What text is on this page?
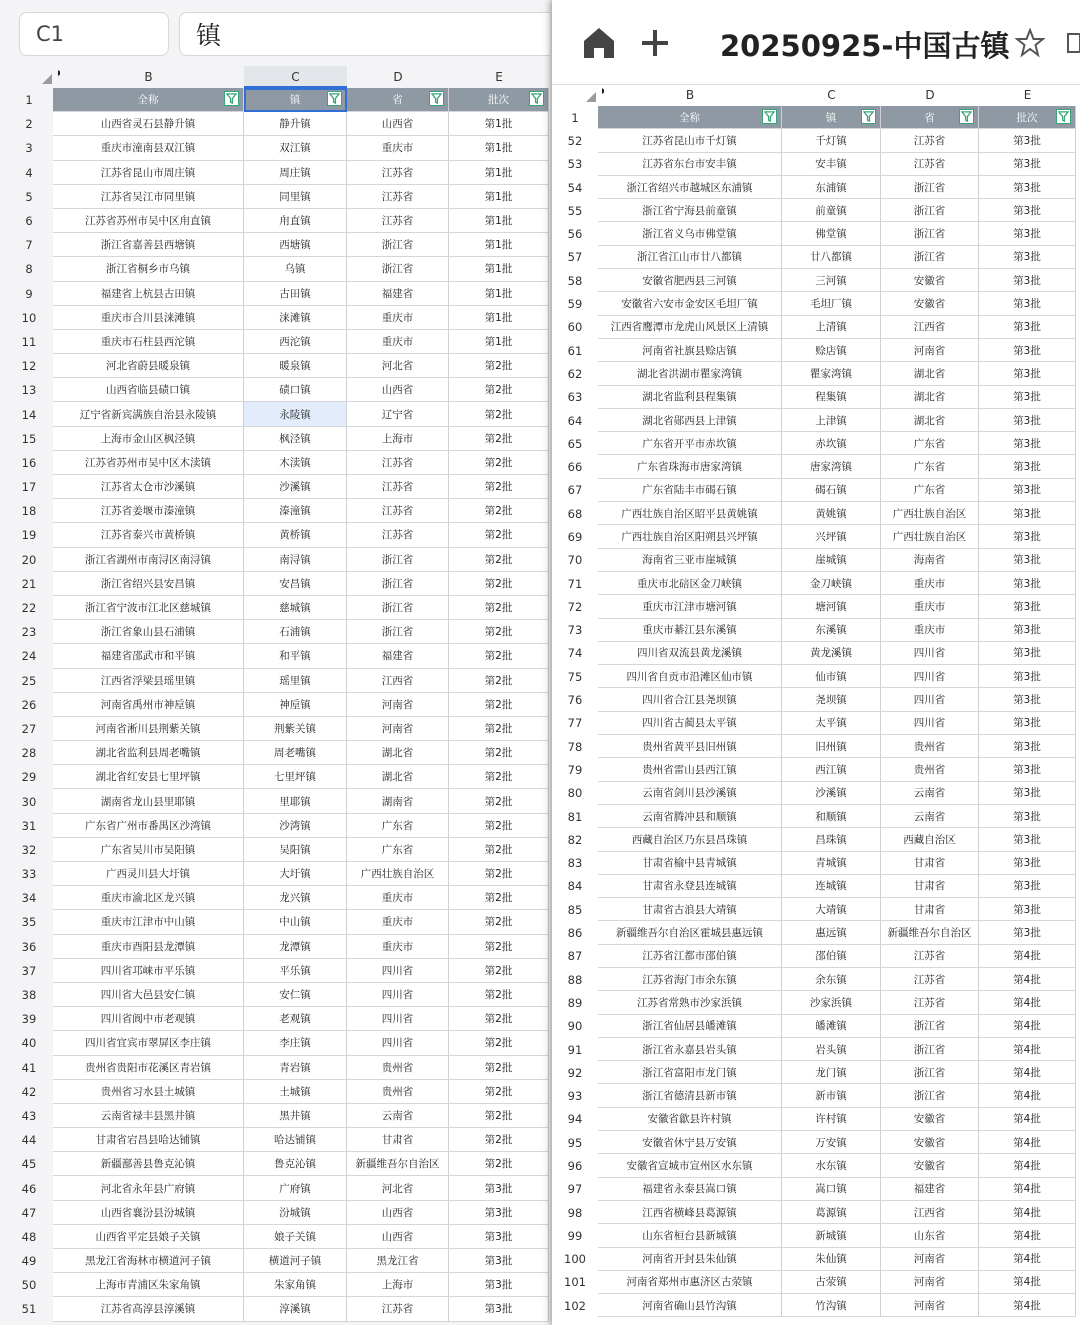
C1	镇
B	C	D	E
1	全称	镇	省	批次
2	山西省灵石县静升镇	静升镇	山西省	第1批
3	重庆市潼南县双江镇	双江镇	重庆市	第1批
4	江苏省昆山市周庄镇	周庄镇	江苏省	第1批
5	江苏省吴江市同里镇	同里镇	江苏省	第1批
6	江苏省苏州市吴中区甪直镇	甪直镇	江苏省	第1批
7	浙江省嘉善县西塘镇	西塘镇	浙江省	第1批
8	浙江省桐乡市乌镇	乌镇	浙江省	第1批
9	福建省上杭县古田镇	古田镇	福建省	第1批
10	重庆市合川县涞滩镇	涞滩镇	重庆市	第1批
11	重庆市石柱县西沱镇	西沱镇	重庆市	第1批
12	河北省蔚县暖泉镇	暖泉镇	河北省	第2批
13	山西省临县碛口镇	碛口镇	山西省	第2批
14	辽宁省新宾满族自治县永陵镇	永陵镇	辽宁省	第2批
15	上海市金山区枫泾镇	枫泾镇	上海市	第2批
16	江苏省苏州市吴中区木渎镇	木渎镇	江苏省	第2批
17	江苏省太仓市沙溪镇	沙溪镇	江苏省	第2批
18	江苏省姜堰市溱潼镇	溱潼镇	江苏省	第2批
19	江苏省泰兴市黄桥镇	黄桥镇	江苏省	第2批
20	浙江省湖州市南浔区南浔镇	南浔镇	浙江省	第2批
21	浙江省绍兴县安昌镇	安昌镇	浙江省	第2批
22	浙江省宁波市江北区慈城镇	慈城镇	浙江省	第2批
23	浙江省象山县石浦镇	石浦镇	浙江省	第2批
24	福建省邵武市和平镇	和平镇	福建省	第2批
25	江西省浮梁县瑶里镇	瑶里镇	江西省	第2批
26	河南省禹州市神垕镇	神垕镇	河南省	第2批
27	河南省淅川县荆紫关镇	荆紫关镇	河南省	第2批
28	湖北省监利县周老嘴镇	周老嘴镇	湖北省	第2批
29	湖北省红安县七里坪镇	七里坪镇	湖北省	第2批
30	湖南省龙山县里耶镇	里耶镇	湖南省	第2批
31	广东省广州市番禺区沙湾镇	沙湾镇	广东省	第2批
32	广东省吴川市吴阳镇	吴阳镇	广东省	第2批
33	广西灵川县大圩镇	大圩镇	广西壮族自治区	第2批
34	重庆市渝北区龙兴镇	龙兴镇	重庆市	第2批
35	重庆市江津市中山镇	中山镇	重庆市	第2批
36	重庆市酉阳县龙潭镇	龙潭镇	重庆市	第2批
37	四川省邛崃市平乐镇	平乐镇	四川省	第2批
38	四川省大邑县安仁镇	安仁镇	四川省	第2批
39	四川省阆中市老观镇	老观镇	四川省	第2批
40	四川省宜宾市翠屏区李庄镇	李庄镇	四川省	第2批
41	贵州省贵阳市花溪区青岩镇	青岩镇	贵州省	第2批
42	贵州省习水县土城镇	土城镇	贵州省	第2批
43	云南省禄丰县黑井镇	黑井镇	云南省	第2批
44	甘肃省宕昌县哈达铺镇	哈达铺镇	甘肃省	第2批
45	新疆鄯善县鲁克沁镇	鲁克沁镇	新疆维吾尔自治区	第2批
46	河北省永年县广府镇	广府镇	河北省	第3批
47	山西省襄汾县汾城镇	汾城镇	山西省	第3批
48	山西省平定县娘子关镇	娘子关镇	山西省	第3批
49	黑龙江省海林市横道河子镇	横道河子镇	黑龙江省	第3批
50	上海市青浦区朱家角镇	朱家角镇	上海市	第3批
51	江苏省高淳县淳溪镇	淳溪镇	江苏省	第3批
20250925-中国古镇
B	C	D	E
1	全称	镇	省	批次
52	江苏省昆山市千灯镇	千灯镇	江苏省	第3批
53	江苏省东台市安丰镇	安丰镇	江苏省	第3批
54	浙江省绍兴市越城区东浦镇	东浦镇	浙江省	第3批
55	浙江省宁海县前童镇	前童镇	浙江省	第3批
56	浙江省义乌市佛堂镇	佛堂镇	浙江省	第3批
57	浙江省江山市廿八都镇	廿八都镇	浙江省	第3批
58	安徽省肥西县三河镇	三河镇	安徽省	第3批
59	安徽省六安市金安区毛坦厂镇	毛坦厂镇	安徽省	第3批
60	江西省鹰潭市龙虎山风景区上清镇	上清镇	江西省	第3批
61	河南省社旗县赊店镇	赊店镇	河南省	第3批
62	湖北省洪湖市瞿家湾镇	瞿家湾镇	湖北省	第3批
63	湖北省监利县程集镇	程集镇	湖北省	第3批
64	湖北省郧西县上津镇	上津镇	湖北省	第3批
65	广东省开平市赤坎镇	赤坎镇	广东省	第3批
66	广东省珠海市唐家湾镇	唐家湾镇	广东省	第3批
67	广东省陆丰市碣石镇	碣石镇	广东省	第3批
68	广西壮族自治区昭平县黄姚镇	黄姚镇	广西壮族自治区	第3批
69	广西壮族自治区阳朔县兴坪镇	兴坪镇	广西壮族自治区	第3批
70	海南省三亚市崖城镇	崖城镇	海南省	第3批
71	重庆市北碚区金刀峡镇	金刀峡镇	重庆市	第3批
72	重庆市江津市塘河镇	塘河镇	重庆市	第3批
73	重庆市綦江县东溪镇	东溪镇	重庆市	第3批
74	四川省双流县黄龙溪镇	黄龙溪镇	四川省	第3批
75	四川省自贡市沿滩区仙市镇	仙市镇	四川省	第3批
76	四川省合江县尧坝镇	尧坝镇	四川省	第3批
77	四川省古蔺县太平镇	太平镇	四川省	第3批
78	贵州省黄平县旧州镇	旧州镇	贵州省	第3批
79	贵州省雷山县西江镇	西江镇	贵州省	第3批
80	云南省剑川县沙溪镇	沙溪镇	云南省	第3批
81	云南省腾冲县和顺镇	和顺镇	云南省	第3批
82	西藏自治区乃东县昌珠镇	昌珠镇	西藏自治区	第3批
83	甘肃省榆中县青城镇	青城镇	甘肃省	第3批
84	甘肃省永登县连城镇	连城镇	甘肃省	第3批
85	甘肃省古浪县大靖镇	大靖镇	甘肃省	第3批
86	新疆维吾尔自治区霍城县惠远镇	惠远镇	新疆维吾尔自治区	第3批
87	江苏省江都市邵伯镇	邵伯镇	江苏省	第4批
88	江苏省海门市余东镇	余东镇	江苏省	第4批
89	江苏省常熟市沙家浜镇	沙家浜镇	江苏省	第4批
90	浙江省仙居县皤滩镇	皤滩镇	浙江省	第4批
91	浙江省永嘉县岩头镇	岩头镇	浙江省	第4批
92	浙江省富阳市龙门镇	龙门镇	浙江省	第4批
93	浙江省德清县新市镇	新市镇	浙江省	第4批
94	安徽省歙县许村镇	许村镇	安徽省	第4批
95	安徽省休宁县万安镇	万安镇	安徽省	第4批
96	安徽省宣城市宣州区水东镇	水东镇	安徽省	第4批
97	福建省永泰县嵩口镇	嵩口镇	福建省	第4批
98	江西省横峰县葛源镇	葛源镇	江西省	第4批
99	山东省桓台县新城镇	新城镇	山东省	第4批
100	河南省开封县朱仙镇	朱仙镇	河南省	第4批
101	河南省郑州市惠济区古荥镇	古荥镇	河南省	第4批
102	河南省确山县竹沟镇	竹沟镇	河南省	第4批
